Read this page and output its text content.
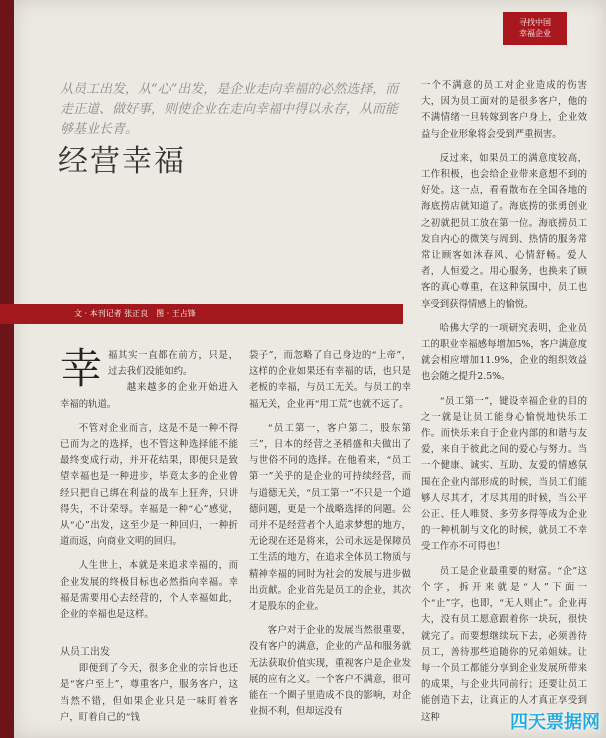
寻找中国
幸福企业
从员工出发，从“心”出发，是企业走向幸福的必然选择，而走正道、做好事，则使企业在走向幸福中得以永存，从而能够基业长青。
经营幸福
文 · 本刊记者 张正良　图 · 王占锋

一个不满意的员工对企业造成的伤害大，因为员工面对的是很多客户，他的不满情绪一旦转嫁到客户身上，企业效益与企业形象将会受到严重损害。

反过来，如果员工的满意度较高，工作积极，也会给企业带来意想不到的好处。这一点，看看散布在全国各地的海底捞店就知道了。海底捞的张勇创业之初就把员工放在第一位。海底捞员工发自内心的微笑与周到、热情的服务常常让顾客如沐春风、心情舒畅。爱人者，人恒爱之。用心服务，也换来了顾客的真心尊重，在这种氛围中，员工也享受到获得情感上的愉悦。

哈佛大学的一项研究表明，企业员工的职业幸福感每增加5%，客户满意度就会相应增加11.9%，企业的组织效益也会随之提升2.5%。

“员工第一”，键设幸福企业的目的之一就是让员工能身心愉悦地快乐工作。而快乐来自于企业内部的和谐与友爱，来自于彼此之间的爱心与努力。当一个健康、诚实、互助、友爱的情感氛围在企业内部形成的时候，当员工们能够人尽其才，才尽其用的时候，当公平公正、任人唯贤、多劳多得等成为企业的一种机制与文化的时候，就员工不幸受工作亦不可得也！

员工是企业最重要的财富。“企”这个字，拆开来就是“人”下面一个“止”字，也即，“无人则止”。企业再大，没有员工愿意跟着你一块玩，很快就完了。而要想继续玩下去，必须善待员工，善待那些追随你的兄弟姐妹。让每一个员工都能分享到企业发展所带来的成果，与企业共同前行；还要让员工能创造下去，让真正的人才真正享受到这种

幸福其实一直都在前方，只是，过去我们没能如约。

越来越多的企业开始进入幸福的轨道。

不管对企业而言，这是不是一种不得已而为之的选择，也不管这种选择能不能最终变成行动，并开花结果，即便只是致望幸福也是一种进步，毕竟太多的企业曾经只把自己绑在利益的战车上狂奔，只讲得失，不计荣辱。幸福是一种“心”感觉，从“心”出发，这至少是一种回归，一种折道而返，向商业文明的回归。

人生世上，本就是来追求幸福的，而企业发展的终极目标也必然指向幸福。幸福是需要用心去经营的，个人幸福如此，企业的幸福也是这样。

从员工出发

即便到了今天，很多企业的宗旨也还是“客户至上”，尊重客户，服务客户，这当然不错，但如果企业只是一味盯着客户，盯着自己的“钱

袋子”，而忽略了自己身边的“上帝”，这样的企业如果还有幸福的话，也只是老板的幸福，与员工无关。与员工的幸福无关，企业再“用工荒”也就不远了。

“员工第一，客户第二，股东第三”，日本的经营之圣稻盛和夫做出了与世俗不同的选择。在他看来，“员工第一”关乎的是企业的可持续经营，而与道德无关，“员工第一”不只是一个道德问题，更是一个战略选择的问题。公司并不是经营者个人追求梦想的地方，无论现在还是将来，公司永远是保障员工生活的地方，在追求全体员工物质与精神幸福的同时为社会的发展与进步做出贡献。企业首先是员工的企业，其次才是股东的企业。

客户对于企业的发展当然很重要，没有客户的满意，企业的产品和服务就无法获取价值实现，重视客户是企业发展的应有之义。一个客户不满意，很可能在一个圈子里造成不良的影响，对企业损不利，但却远没有

四天票据网
